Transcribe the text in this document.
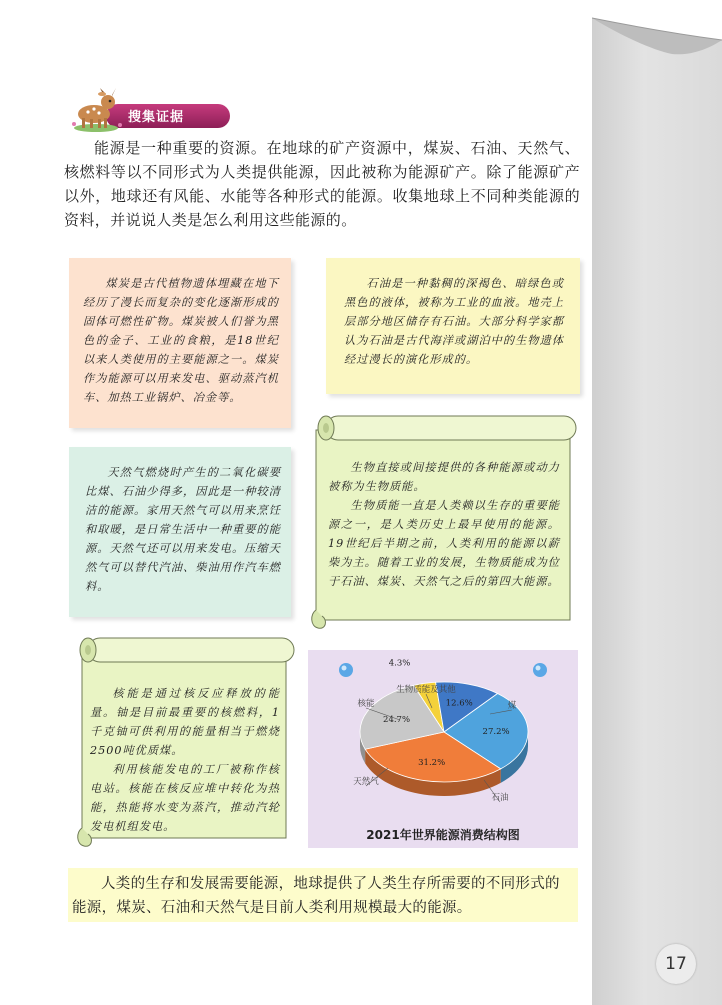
搜集证据
能源是一种重要的资源。在地球的矿产资源中，煤炭、石油、天然气、核燃料等以不同形式为人类提供能源，因此被称为能源矿产。除了能源矿产以外，地球还有风能、水能等各种形式的能源。收集地球上不同种类能源的资料，并说说人类是怎么利用这些能源的。

煤炭是古代植物遗体埋藏在地下经历了漫长而复杂的变化逐渐形成的固体可燃性矿物。煤炭被人们誉为黑色的金子、工业的食粮，是18世纪以来人类使用的主要能源之一。煤炭作为能源可以用来发电、驱动蒸汽机车、加热工业锅炉、冶金等。

石油是一种黏稠的深褐色、暗绿色或黑色的液体，被称为工业的血液。地壳上层部分地区储存有石油。大部分科学家都认为石油是古代海洋或湖泊中的生物遗体经过漫长的演化形成的。

天然气燃烧时产生的二氧化碳要比煤、石油少得多，因此是一种较清洁的能源。家用天然气可以用来烹饪和取暖，是日常生活中一种重要的能源。天然气还可以用来发电。压缩天然气可以替代汽油、柴油用作汽车燃料。

生物直接或间接提供的各种能源或动力被称为生物质能。

生物质能一直是人类赖以生存的重要能源之一，是人类历史上最早使用的能源。19世纪后半期之前，人类利用的能源以薪柴为主。随着工业的发展，生物质能成为位于石油、煤炭、天然气之后的第四大能源。

核能是通过核反应释放的能量。铀是目前最重要的核燃料，1千克铀可供利用的能量相当于燃烧2500吨优质煤。

利用核能发电的工厂被称作核电站。核能在核反应堆中转化为热能，热能将水变为蒸汽，推动汽轮发电机组发电。

4.3%
12.6%
27.2%
31.2%
24.7%
核能
生物质能及其他
煤
石油
天然气
2021年世界能源消费结构图

人类的生存和发展需要能源，地球提供了人类生存所需要的不同形式的能源，煤炭、石油和天然气是目前人类利用规模最大的能源。

17
